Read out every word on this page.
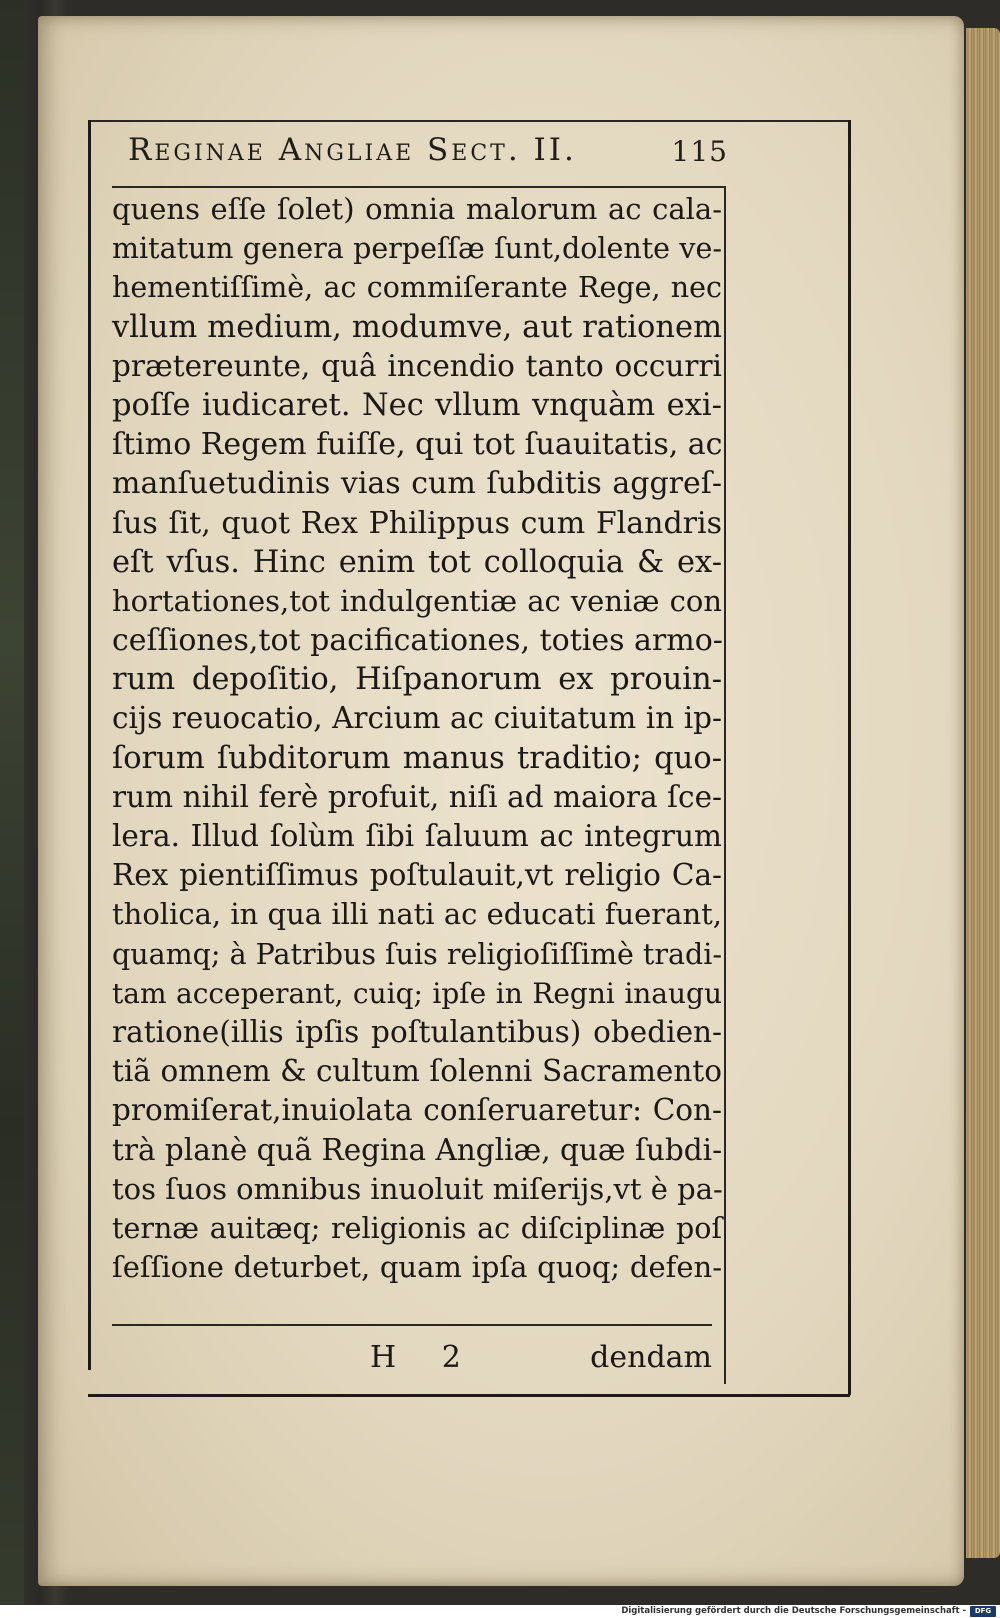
Reginae Angliae Sect. II.	115
quens eſſe ſolet) omnia malorum ac cala-
mitatum genera perpeſſæ ſunt,dolente ve-
hementiſſimè, ac commiſerante Rege, nec
vllum medium, modumve, aut rationem
prætereunte, quâ incendio tanto occurri
poſſe iudicaret. Nec vllum vnquàm exi-
ſtimo Regem fuiſſe, qui tot ſuauitatis, ac
manſuetudinis vias cum ſubditis aggreſ-
ſus ſit, quot Rex Philippus cum Flandris
eſt vſus. Hinc enim tot colloquia & ex-
hortationes,tot indulgentiæ ac veniæ con
ceſſiones,tot pacificationes, toties armo-
rum depoſitio, Hiſpanorum ex prouin-
cijs reuocatio, Arcium ac ciuitatum in ip-
ſorum ſubditorum manus traditio; quo-
rum nihil ferè profuit, niſi ad maiora ſce-
lera. Illud ſolùm ſibi ſaluum ac integrum
Rex pientiſſimus poſtulauit,vt religio Ca-
tholica, in qua illi nati ac educati fuerant,
quamq; à Patribus ſuis religioſiſſimè tradi-
tam acceperant, cuiq; ipſe in Regni inaugu
ratione(illis ipſis poſtulantibus) obedien-
tiã omnem & cultum ſolenni Sacramento
promiſerat,inuiolata conſeruaretur: Con-
trà planè quã Regina Angliæ, quæ ſubdi-
tos ſuos omnibus inuoluit miſerijs,vt è pa-
ternæ auitæq; religionis ac diſciplinæ poſ
ſeſſione deturbet, quam ipſa quoq; defen-
H 2	dendam
Digitalisierung gefördert durch die Deutsche Forschungsgemeinschaft -	DFG
